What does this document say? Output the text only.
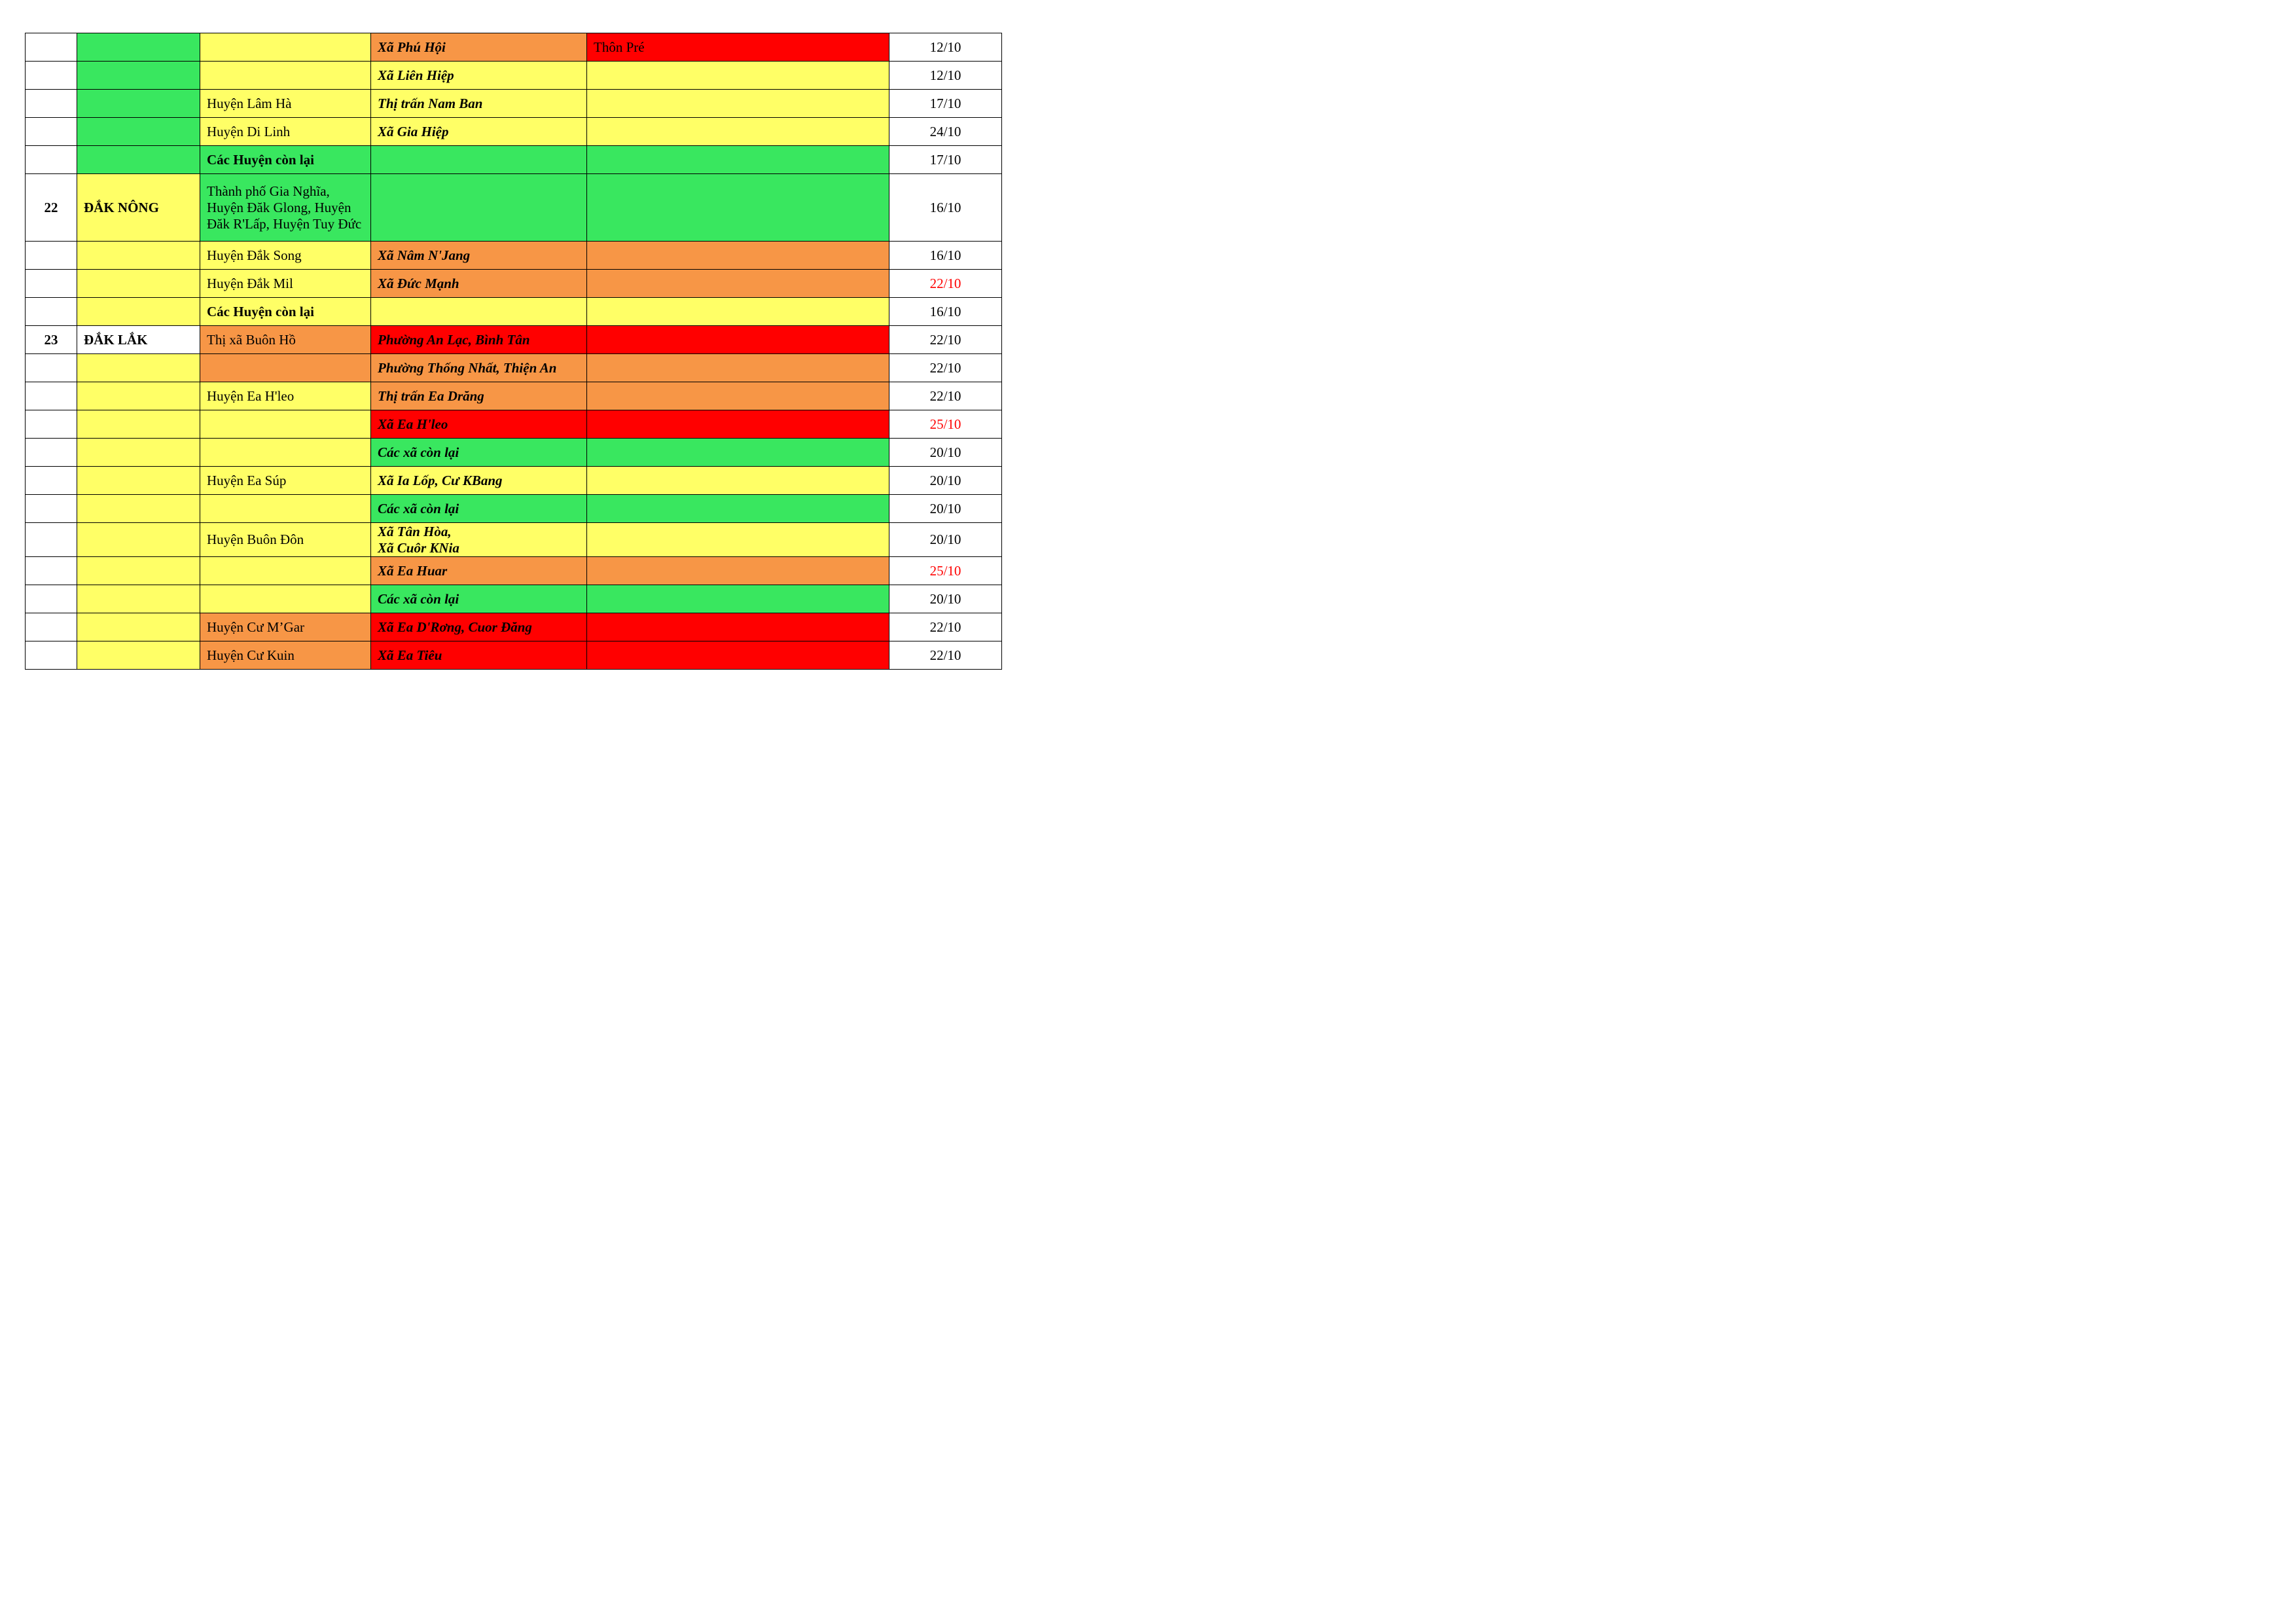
			Xã Phú Hội	Thôn Pré	12/10
			Xã Liên Hiệp		12/10
		Huyện Lâm Hà	Thị trấn Nam Ban		17/10
		Huyện Di Linh	Xã Gia Hiệp		24/10
		Các Huyện còn lại			17/10
22	ĐẮK NÔNG	Thành phố Gia Nghĩa, Huyện Đăk Glong, Huyện Đăk R'Lấp, Huyện Tuy Đức			16/10
		Huyện Đắk Song	Xã Nâm N'Jang		16/10
		Huyện Đắk Mil	Xã Đức Mạnh		22/10
		Các Huyện còn lại			16/10
23	ĐẮK LẮK	Thị xã Buôn Hồ	Phường An Lạc, Bình Tân		22/10
			Phường Thống Nhất, Thiện An		22/10
		Huyện Ea H'leo	Thị trấn Ea Drăng		22/10
			Xã Ea H'leo		25/10
			Các xã còn lại		20/10
		Huyện Ea Súp	Xã Ia Lốp, Cư KBang		20/10
			Các xã còn lại		20/10
		Huyện Buôn Đôn	Xã Tân Hòa,
Xã Cuôr KNia		20/10
			Xã Ea Huar		25/10
			Các xã còn lại		20/10
		Huyện Cư M’Gar	Xã Ea D'Rơng, Cuor Đăng		22/10
		Huyện Cư Kuin	Xã Ea Tiêu		22/10
